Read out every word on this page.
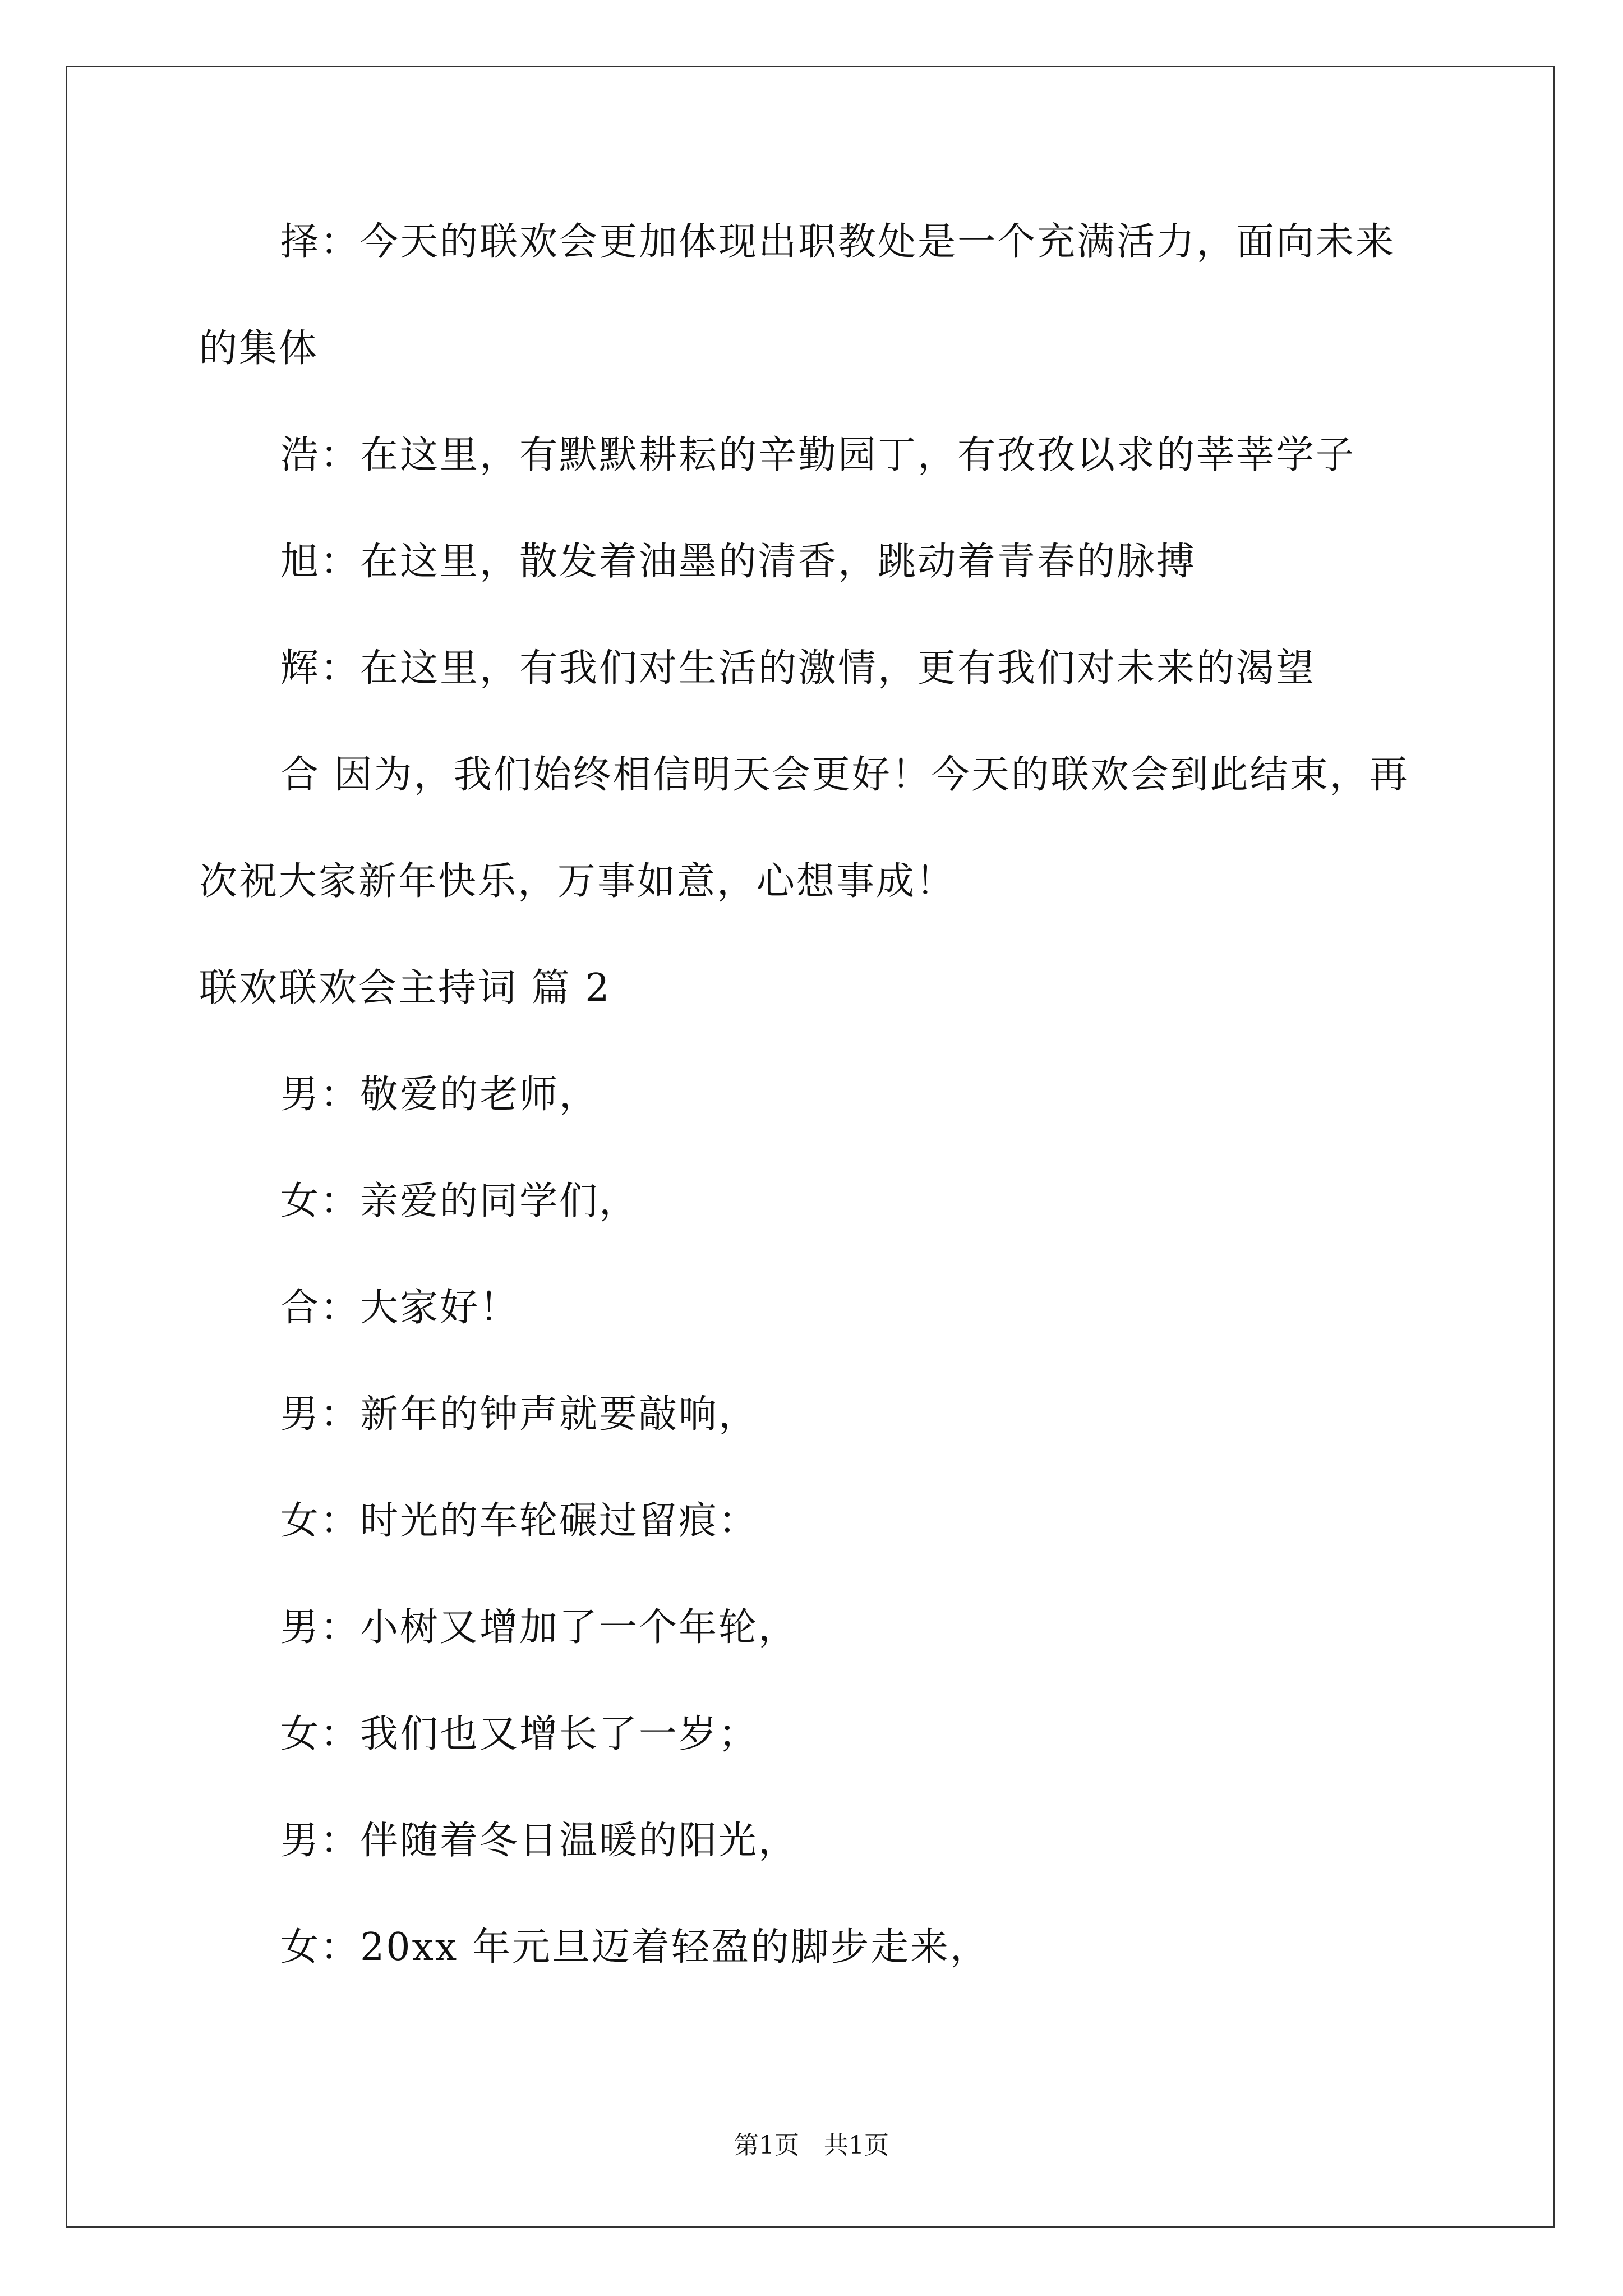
择：今天的联欢会更加体现出职教处是一个充满活力，面向未来
的集体
浩：在这里，有默默耕耘的辛勤园丁，有孜孜以求的莘莘学子
旭：在这里，散发着油墨的清香，跳动着青春的脉搏
辉：在这里，有我们对生活的激情，更有我们对未来的渴望
合 因为，我们始终相信明天会更好！今天的联欢会到此结束，再
次祝大家新年快乐，万事如意，心想事成！
联欢联欢会主持词 篇 2
男：敬爱的老师，
女：亲爱的同学们，
合：大家好！
男：新年的钟声就要敲响，
女：时光的车轮碾过留痕：
男：小树又增加了一个年轮，
女：我们也又增长了一岁；
男：伴随着冬日温暖的阳光，
女：20xx 年元旦迈着轻盈的脚步走来，
第1页　共1页
